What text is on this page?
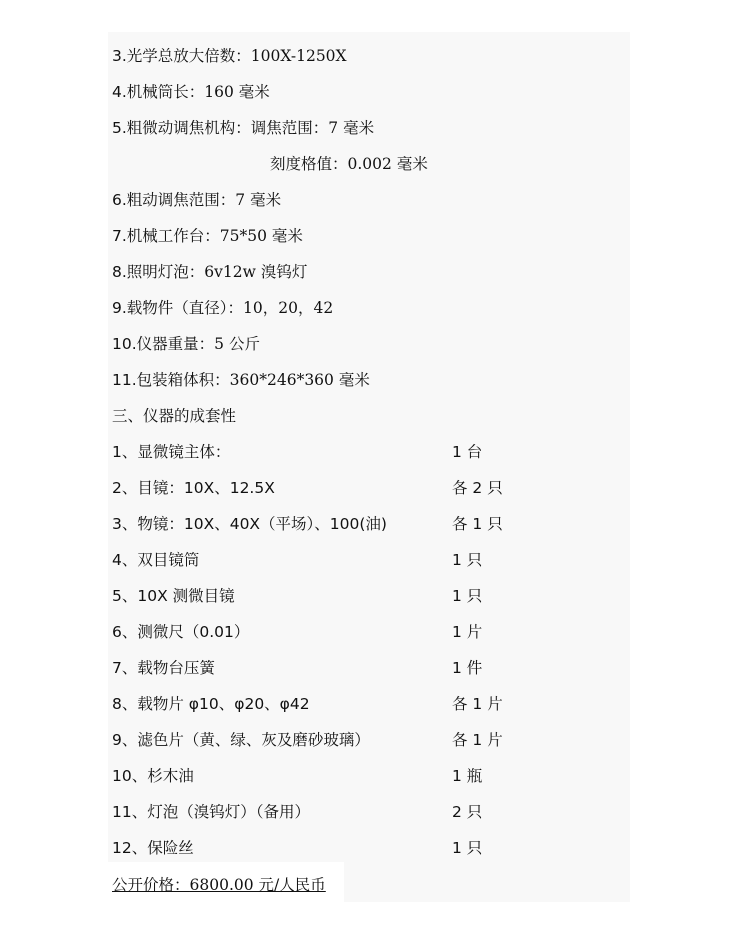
3.光学总放大倍数：100X-1250X
4.机械筒长：160 毫米
5.粗微动调焦机构：调焦范围：7 毫米
刻度格值：0.002 毫米
6.粗动调焦范围：7 毫米
7.机械工作台：75*50 毫米
8.照明灯泡：6v12w 溴钨灯
9.载物件（直径）：10，20，42
10.仪器重量：5 公斤
11.包装箱体积：360*246*360 毫米
三、仪器的成套性
1、显微镜主体：	1 台
2、目镜：10X、12.5X	各 2 只
3、物镜：10X、40X（平场）、100(油)	各 1 只
4、双目镜筒	1 只
5、10X 测微目镜	1 只
6、测微尺（0.01）	1 片
7、载物台压簧	1 件
8、载物片 φ10、φ20、φ42	各 1 片
9、滤色片（黄、绿、灰及磨砂玻璃）	各 1 片
10、杉木油	1 瓶
11、灯泡（溴钨灯）（备用）	2 只
12、保险丝	1 只
公开价格：6800.00 元/人民币
